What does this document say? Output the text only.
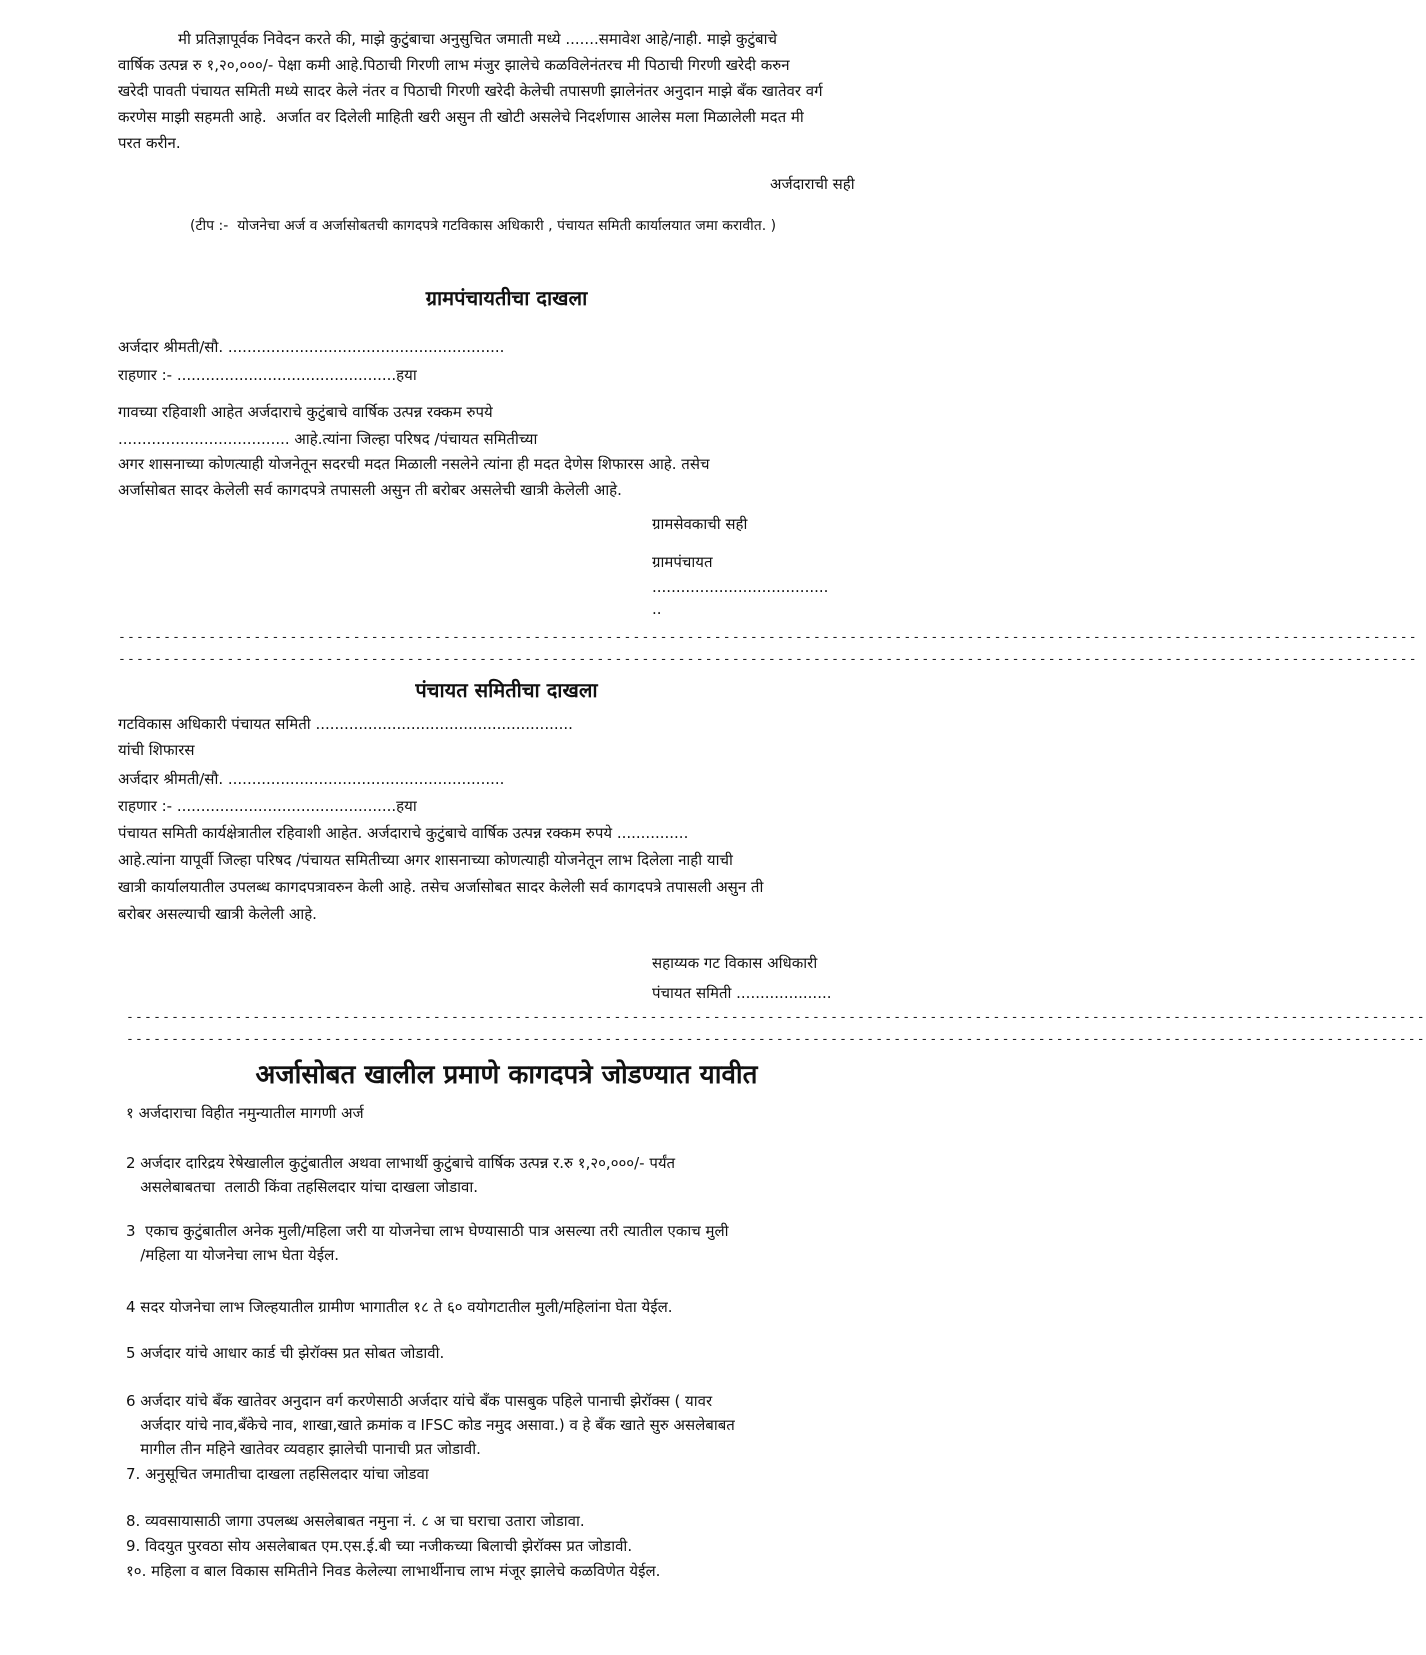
मी प्रतिज्ञापूर्वक निवेदन करते की, माझे कुटुंबाचा अनुसुचित जमाती मध्ये .......समावेश आहे/नाही. माझे कुटुंबाचे
वार्षिक उत्पन्न रु १,२०,०००/- पेक्षा कमी आहे.पिठाची गिरणी लाभ मंजुर झालेचे कळविलेनंतरच मी पिठाची गिरणी खरेदी करुन
खरेदी पावती पंचायत समिती मध्ये सादर केले नंतर व पिठाची गिरणी खरेदी केलेची तपासणी झालेनंतर अनुदान माझे बँक खातेवर वर्ग
करणेस माझी सहमती आहे.  अर्जात वर दिलेली माहिती खरी असुन ती खोटी असलेचे निदर्शणास आलेस मला मिळालेली मदत मी
परत करीन.
अर्जदाराची सही
(टीप :-  योजनेचा अर्ज व अर्जासोबतची कागदपत्रे गटविकास अधिकारी , पंचायत समिती कार्यालयात जमा करावीत. )
ग्रामपंचायतीचा दाखला
अर्जदार श्रीमती/सौ. ..........................................................
राहणार :- ..............................................हया
गावच्या रहिवाशी आहेत अर्जदाराचे कुटुंबाचे वार्षिक उत्पन्न रक्कम रुपये
.................................... आहे.त्यांना जिल्हा परिषद /पंचायत समितीच्या
अगर शासनाच्या कोणत्याही योजनेतून सदरची मदत मिळाली नसलेने त्यांना ही मदत देणेस शिफारस आहे. तसेच
अर्जासोबत सादर केलेली सर्व कागदपत्रे तपासली असुन ती बरोबर असलेची खात्री केलेली आहे.
ग्रामसेवकाची सही
ग्रामपंचायत
.....................................
..
------------------------------------------------------------------------------------------------------------------------------------------------
------------------------------------------------------------------------------------------------------------------------------------------------
पंचायत समितीचा दाखला
गटविकास अधिकारी पंचायत समिती ......................................................
यांची शिफारस
अर्जदार श्रीमती/सौ. ..........................................................
राहणार :- ..............................................हया
पंचायत समिती कार्यक्षेत्रातील रहिवाशी आहेत. अर्जदाराचे कुटुंबाचे वार्षिक उत्पन्न रक्कम रुपये ...............
आहे.त्यांना यापूर्वी जिल्हा परिषद /पंचायत समितीच्या अगर शासनाच्या कोणत्याही योजनेतून लाभ दिलेला नाही याची
खात्री कार्यालयातील उपलब्ध कागदपत्रावरुन केली आहे. तसेच अर्जासोबत सादर केलेली सर्व कागदपत्रे तपासली असुन ती
बरोबर असल्याची खात्री केलेली आहे.
सहाय्यक गट विकास अधिकारी
पंचायत समिती ....................
------------------------------------------------------------------------------------------------------------------------------------------------
------------------------------------------------------------------------------------------------------------------------------------------------
अर्जासोबत खालील प्रमाणे कागदपत्रे जोडण्यात यावीत
१ अर्जदाराचा विहीत नमुन्यातील मागणी अर्ज
2 अर्जदार दारिद्रय रेषेखालील कुटुंबातील अथवा लाभार्थी कुटुंबाचे वार्षिक उत्पन्न र.रु १,२०,०००/- पर्यंत
असलेबाबतचा  तलाठी किंवा तहसिलदार यांचा दाखला जोडावा.
3  एकाच कुटुंबातील अनेक मुली/महिला जरी या योजनेचा लाभ घेण्यासाठी पात्र असल्या तरी त्यातील एकाच मुली
/महिला या योजनेचा लाभ घेता येईल.
4 सदर योजनेचा लाभ जिल्हयातील ग्रामीण भागातील १८ ते ६० वयोगटातील मुली/महिलांना घेता येईल.
5 अर्जदार यांचे आधार कार्ड ची झेरॉक्स प्रत सोबत जोडावी.
6 अर्जदार यांचे बँक खातेवर अनुदान वर्ग करणेसाठी अर्जदार यांचे बँक पासबुक पहिले पानाची झेरॉक्स ( यावर
अर्जदार यांचे नाव,बँकेचे नाव, शाखा,खाते क्रमांक व IFSC कोड नमुद असावा.) व हे बँक खाते सुरु असलेबाबत
मागील तीन महिने खातेवर व्यवहार झालेची पानाची प्रत जोडावी.
7. अनुसूचित जमातीचा दाखला तहसिलदार यांचा जोडवा
8. व्यवसायासाठी जागा उपलब्ध असलेबाबत नमुना नं. ८ अ चा घराचा उतारा जोडावा.
9. विदयुत पुरवठा सोय असलेबाबत एम.एस.ई.बी च्या नजीकच्या बिलाची झेरॉक्स प्रत जोडावी.
१०. महिला व बाल विकास समितीने निवड केलेल्या लाभार्थीनाच लाभ मंजूर झालेचे कळविणेत येईल.
